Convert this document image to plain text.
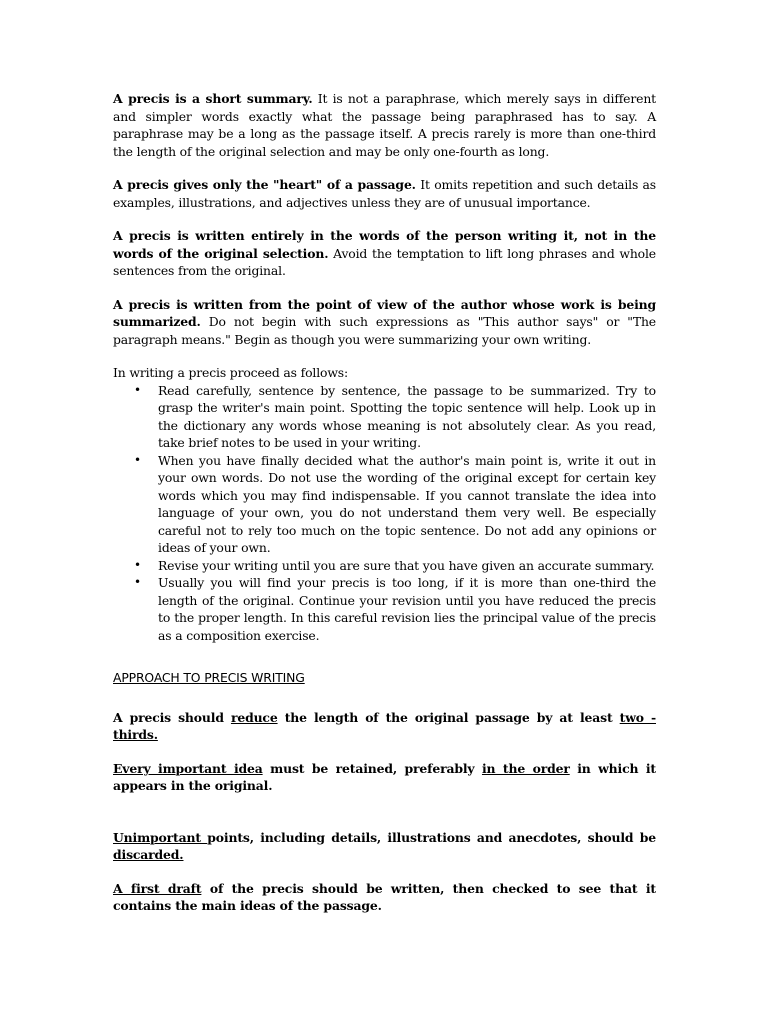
A precis is a short summary. It is not a paraphrase, which merely says in different and simpler words exactly what the passage being paraphrased has to say. A paraphrase may be a long as the passage itself. A precis rarely is more than one-third the length of the original selection and may be only one-fourth as long.

A precis gives only the "heart" of a passage. It omits repetition and such details as examples, illustrations, and adjectives unless they are of unusual importance.

A precis is written entirely in the words of the person writing it, not in the words of the original selection. Avoid the temptation to lift long phrases and whole sentences from the original.

A precis is written from the point of view of the author whose work is being summarized. Do not begin with such expressions as "This author says" or "The paragraph means." Begin as though you were summarizing your own writing.

In writing a precis proceed as follows:

• Read carefully, sentence by sentence, the passage to be summarized. Try to grasp the writer's main point. Spotting the topic sentence will help. Look up in the dictionary any words whose meaning is not absolutely clear. As you read, take brief notes to be used in your writing.
• When you have finally decided what the author's main point is, write it out in your own words. Do not use the wording of the original except for certain key words which you may find indispensable. If you cannot translate the idea into language of your own, you do not understand them very well. Be especially careful not to rely too much on the topic sentence. Do not add any opinions or ideas of your own.
• Revise your writing until you are sure that you have given an accurate summary.
• Usually you will find your precis is too long, if it is more than one-third the length of the original. Continue your revision until you have reduced the precis to the proper length. In this careful revision lies the principal value of the precis as a composition exercise.

APPROACH TO PRECIS WRITING

A precis should reduce the length of the original passage by at least two - thirds.

Every important idea must be retained, preferably in the order in which it appears in the original.

Unimportant points, including details, illustrations and anecdotes, should be discarded.

A first draft of the precis should be written, then checked to see that it contains the main ideas of the passage.
